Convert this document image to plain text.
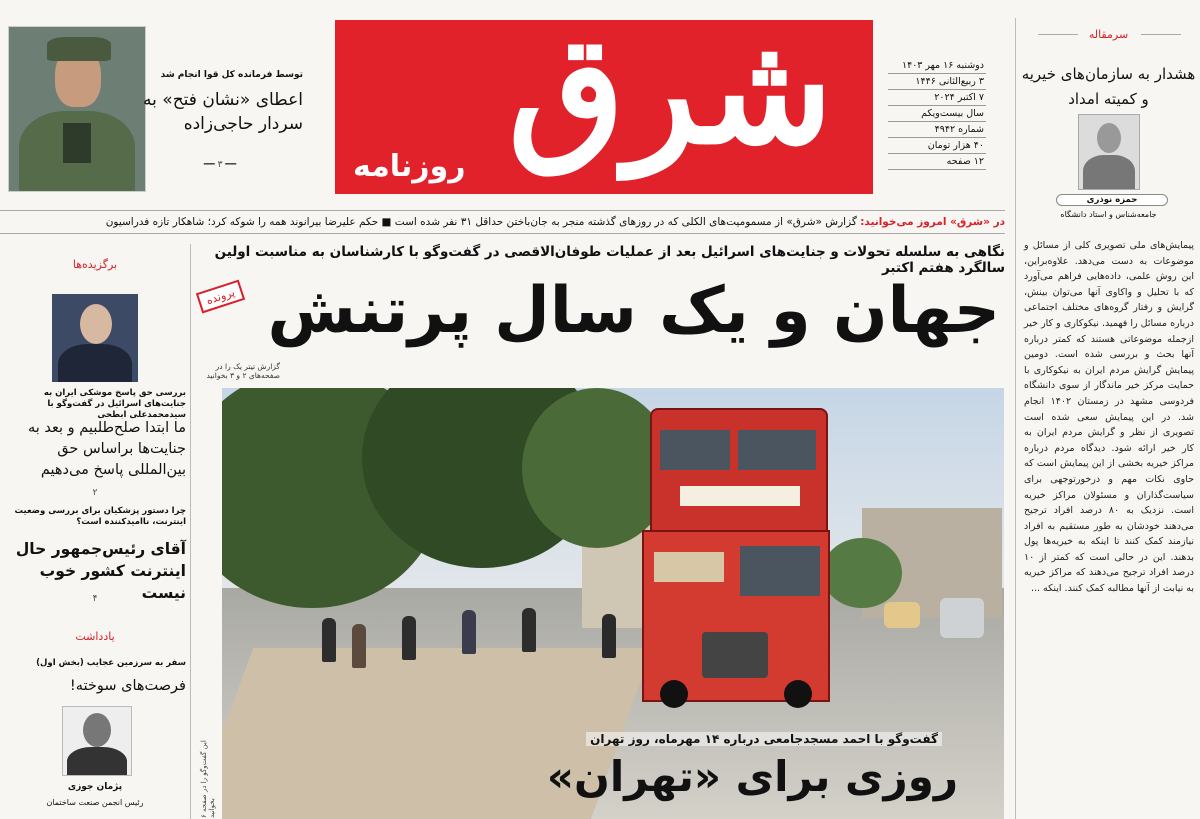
توسط فرمانده کل قوا انجام شد
اعطای «نشان فتح» به سردار حاجی‌زاده
━━ ۳ ━━ شرق
روزنامه
دوشنبه ۱۶ مهر ۱۴۰۳
۳ ربیع‌الثانی ۱۴۴۶
۷ اکتبر ۲۰۲۴
سال بیست‌ویکم
شماره ۴۹۴۲
۴۰ هزار تومان
۱۲ صفحه
سرمقاله
هشدار به سازمان‌های خیریه و کمیته امداد
حمزه نوذری
جامعه‌شناس و استاد دانشگاه
پیمایش‌های ملی تصویری کلی از مسائل و موضوعات به دست می‌دهد. علاوه‌براین، این روش علمی، داده‌هایی فراهم می‌آورد که با تحلیل و واکاوی آنها می‌توان بینش، گرایش و رفتار گروه‌های مختلف اجتماعی درباره مسائل را فهمید. نیکوکاری و کار خیر ازجمله موضوعاتی هستند که کمتر درباره آنها بحث و بررسی شده است. دومین پیمایش گرایش مردم ایران به نیکوکاری با حمایت مرکز خیر ماندگار از سوی دانشگاه فردوسی مشهد در زمستان ۱۴۰۲ انجام شد. در این پیمایش سعی شده است تصویری از نظر و گرایش مردم ایران به کار خیر ارائه شود. دیدگاه مردم درباره مراکز خیریه بخشی از این پیمایش است که حاوی نکات مهم و درخورتوجهی برای سیاست‌گذاران و مسئولان مراکز خیریه است. نزدیک به ۸۰ درصد افراد ترجیح می‌دهند خودشان به طور مستقیم به افراد نیازمند کمک کنند تا اینکه به خیریه‌ها پول بدهند. این در حالی است که کمتر از ۱۰ درصد افراد ترجیح می‌دهند که مراکز خیریه به نیابت از آنها مطالبه کمک کنند. اینکه ...
در «شرق» امروز می‌خوانید: گزارش «شرق» از مسمومیت‌های الکلی که در روزهای گذشته منجر به جان‌باختن حداقل ۳۱ نفر شده است ■ حکم علیرضا بیرانوند همه را شوکه کرد؛ شاهکار تازه فدراسیون
برگزیده‌ها
بررسی حق پاسخ موشکی ایران به جنایت‌های اسرائیل در گفت‌وگو با سیدمحمدعلی ابطحی
ما ابتدا صلح‌طلبیم و بعد به جنایت‌ها براساس حق بین‌المللی پاسخ می‌دهیم
۲
چرا دستور پزشکیان برای بررسی وضعیت اینترنت، ناامیدکننده است؟
آقای رئیس‌جمهور حال اینترنت کشور خوب نیست
۴
یادداشت
سفر به سرزمین عجایب (بخش اول)
فرصت‌های سوخته!
پژمان جوزی
رئیس انجمن صنعت ساختمان
نگاهی به سلسله تحولات و جنایت‌های اسرائیل بعد از عملیات طوفان‌الاقصی در گفت‌وگو با کارشناسان به مناسبت اولین سالگرد هفتم اکتبر
جهان و یک سال پرتنش
پرونده
گزارش تیتر یک را در صفحه‌های ۲ و ۳ بخوانید
گفت‌وگو با احمد مسجدجامعی درباره ۱۴ مهرماه، روز تهران
روزی برای «تهران»
این گفت‌وگو را در صفحه ۶ بخوانید
